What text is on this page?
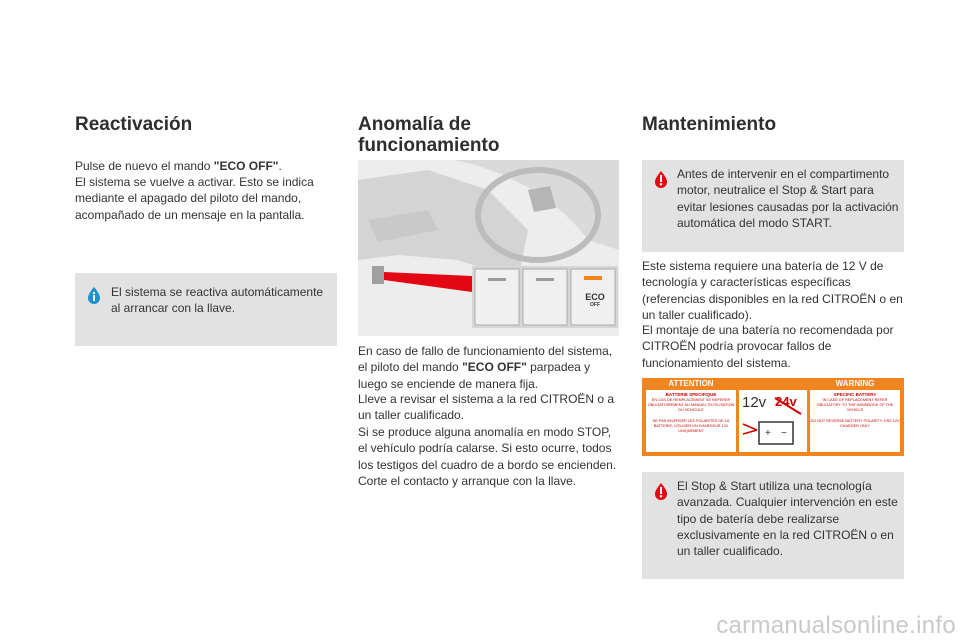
Reactivación
Pulse de nuevo el mando "ECO OFF".
El sistema se vuelve a activar. Esto se indica mediante el apagado del piloto del mando, acompañado de un mensaje en la pantalla.
El sistema se reactiva automáticamente al arrancar con la llave.
Anomalía de
funcionamiento
ECO
OFF
En caso de fallo de funcionamiento del sistema, el piloto del mando "ECO OFF" parpadea y luego se enciende de manera fija.
Lleve a revisar el sistema a la red CITROËN o a un taller cualificado.
Si se produce alguna anomalía en modo STOP, el vehículo podría calarse. Si esto ocurre, todos los testigos del cuadro de a bordo se encienden. Corte el contacto y arranque con la llave.
Mantenimiento
Antes de intervenir en el compartimento motor, neutralice el Stop & Start para evitar lesiones causadas por la activación automática del modo START.
Este sistema requiere una batería de 12 V de tecnología y características específicas (referencias disponibles en la red CITROËN o en un taller cualificado).
El montaje de una batería no recomendada por CITROËN podría provocar fallos de funcionamiento del sistema.
ATTENTION	WARNING
BATTERIE SPECIFIQUE
EN CAS DE REMPLACEMENT SE REFERER OBLIGATOIREMENT AU MANUEL D'UTILISATION DU VEHICULE
NE PAS INVERSER LES POLARITES DE LA BATTERIE; UTILISER UN CHARGEUR 12V UNIQUEMENT
12v 24v
+ −
SPECIFIC BATTERY
IN CASE OF REPLACEMENT REFER OBLIGATORY TO THE HANDBOOK OF THE VEHICLE
DO NOT REVERSE BATTERY POLARITY, USE 12V CHARGER ONLY
El Stop & Start utiliza una tecnología avanzada. Cualquier intervención en este tipo de batería debe realizarse exclusivamente en la red CITROËN o en un taller cualificado.
carmanualsonline.info
